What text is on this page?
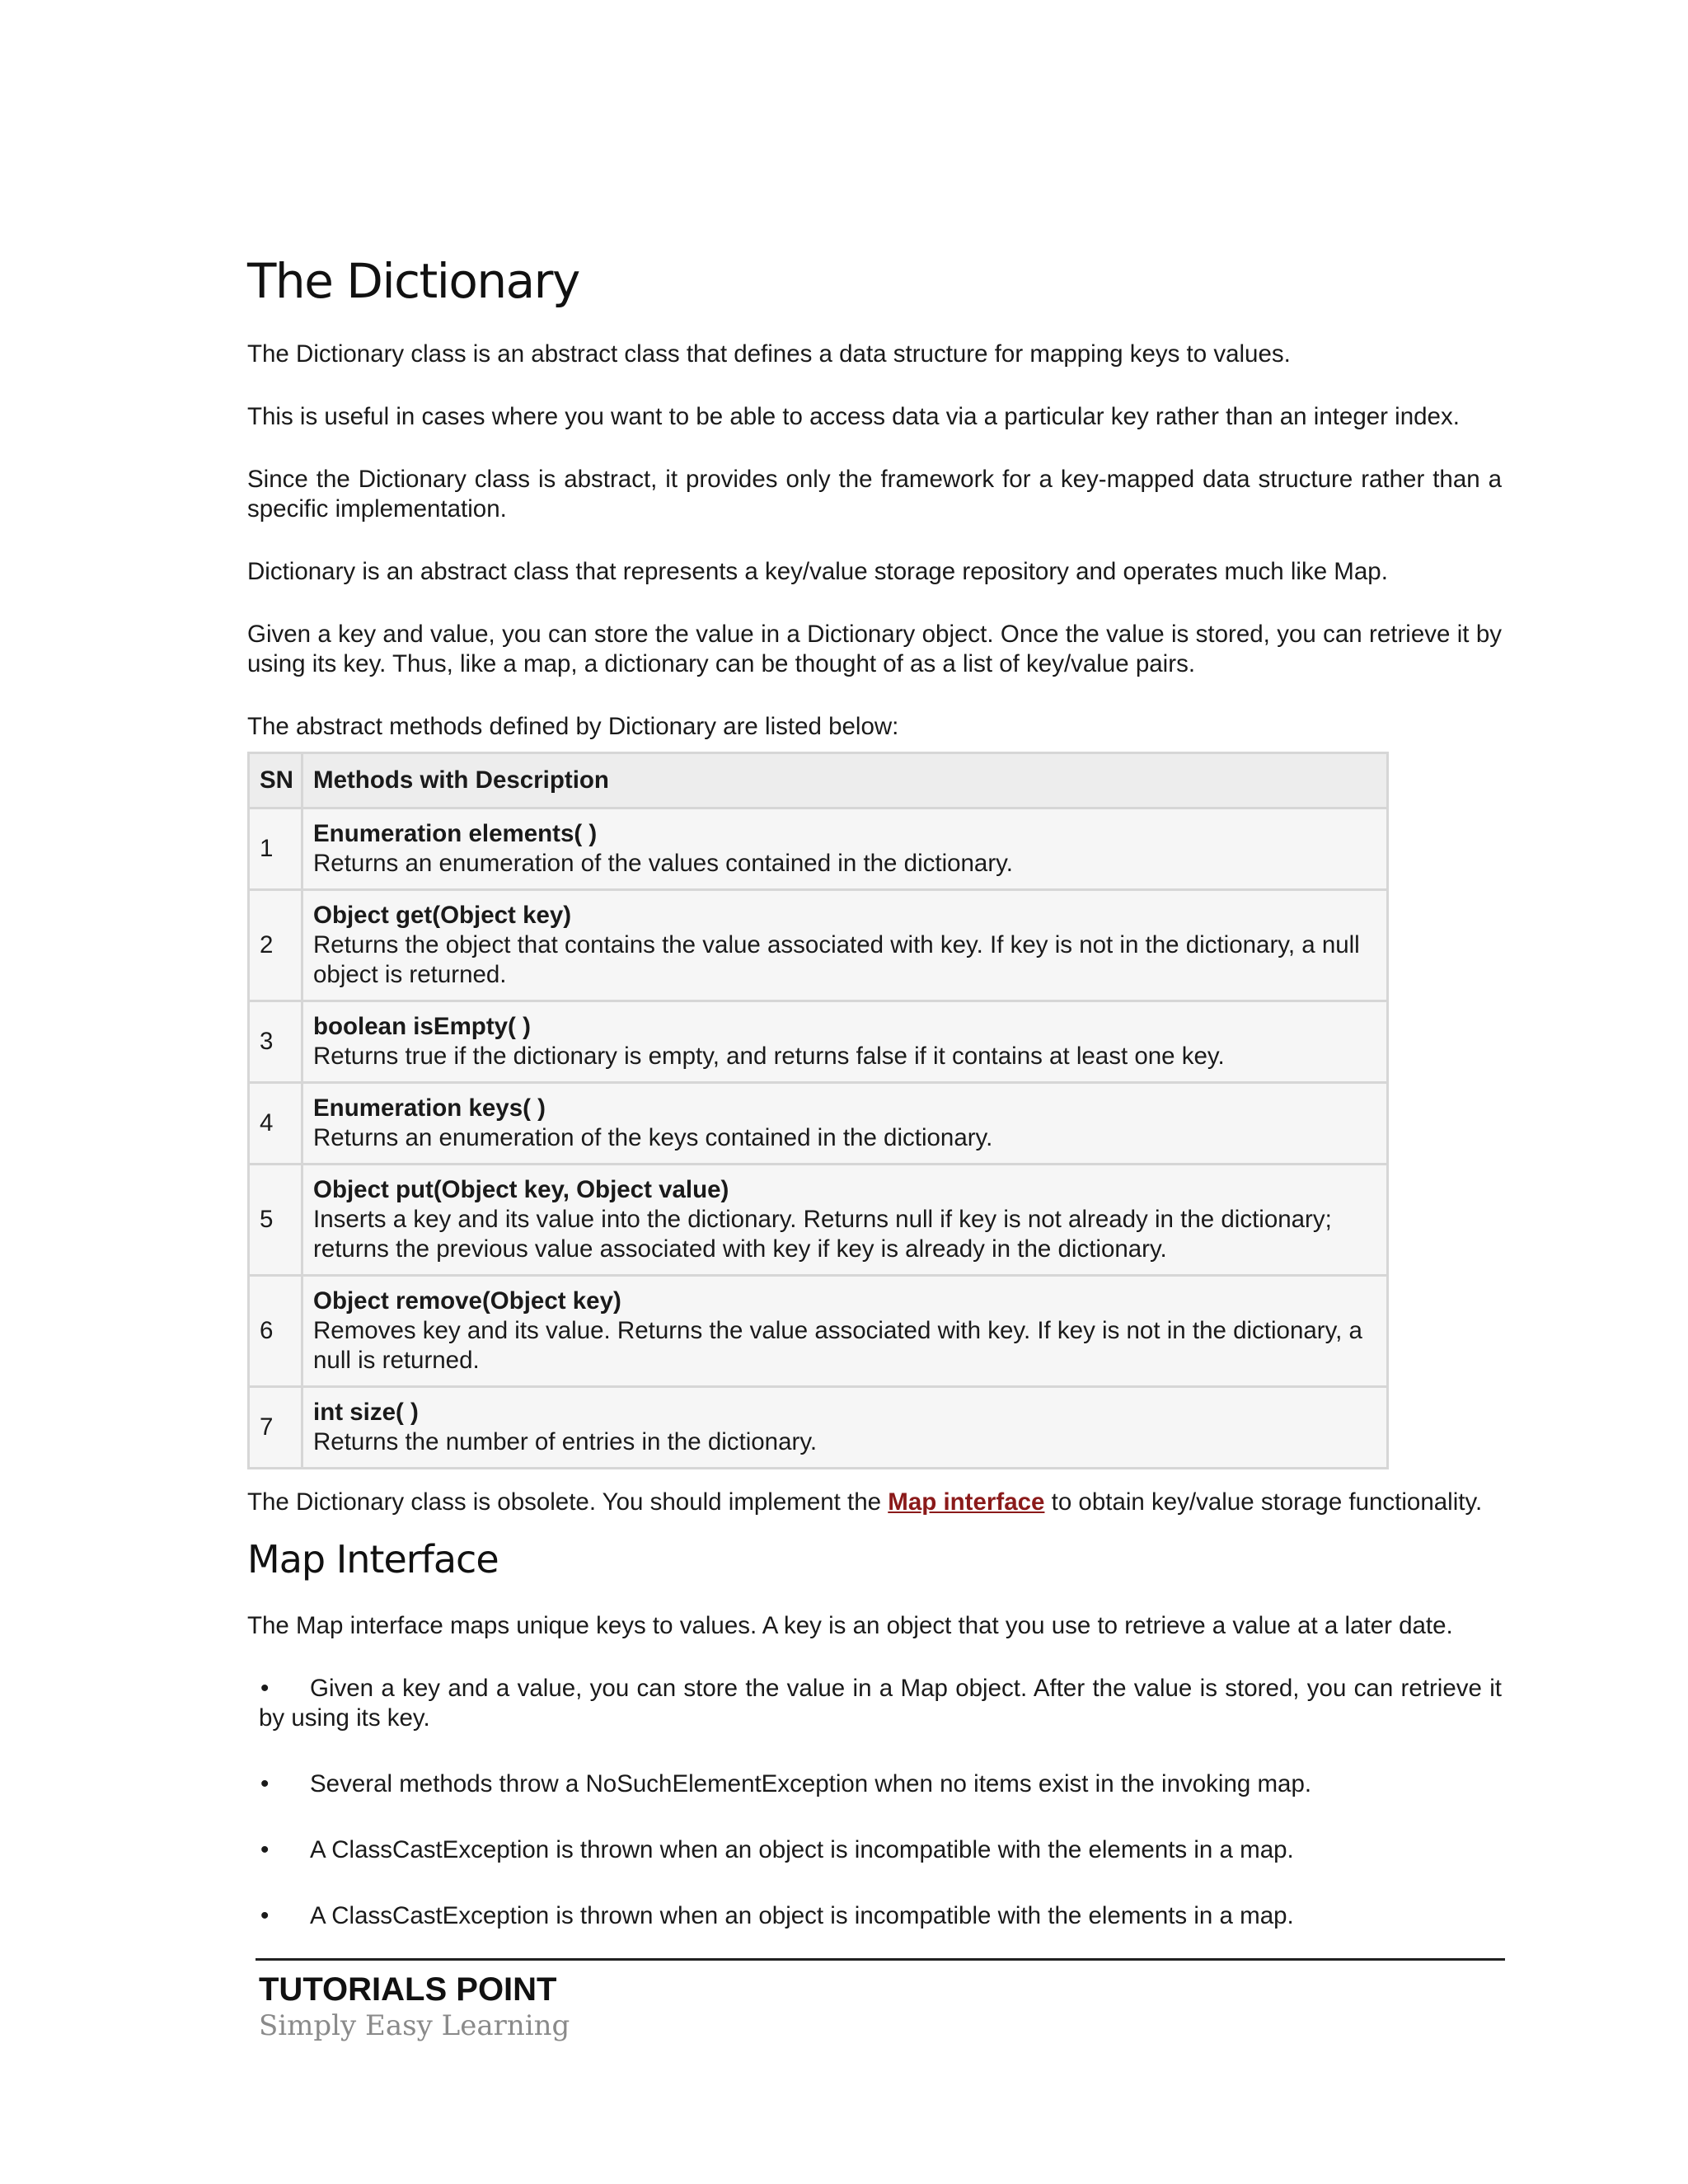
The Dictionary

The Dictionary class is an abstract class that defines a data structure for mapping keys to values.

This is useful in cases where you want to be able to access data via a particular key rather than an integer index.

Since the Dictionary class is abstract, it provides only the framework for a key-mapped data structure rather than a specific implementation.

Dictionary is an abstract class that represents a key/value storage repository and operates much like Map.

Given a key and value, you can store the value in a Dictionary object. Once the value is stored, you can retrieve it by using its key. Thus, like a map, a dictionary can be thought of as a list of key/value pairs.

The abstract methods defined by Dictionary are listed below:

SN	Methods with Description
1	Enumeration elements( )
Returns an enumeration of the values contained in the dictionary.

2	Object get(Object key)
Returns the object that contains the value associated with key. If key is not in the dictionary, a null object is returned.

3	boolean isEmpty( )
Returns true if the dictionary is empty, and returns false if it contains at least one key.

4	Enumeration keys( )
Returns an enumeration of the keys contained in the dictionary.

5	Object put(Object key, Object value)
Inserts a key and its value into the dictionary. Returns null if key is not already in the dictionary; returns the previous value associated with key if key is already in the dictionary.

6	Object remove(Object key)
Removes key and its value. Returns the value associated with key. If key is not in the dictionary, a null is returned.

7	int size( )
Returns the number of entries in the dictionary.

The Dictionary class is obsolete. You should implement the Map interface to obtain key/value storage functionality.

Map Interface

The Map interface maps unique keys to values. A key is an object that you use to retrieve a value at a later date.

• Given a key and a value, you can store the value in a Map object. After the value is stored, you can retrieve it by using its key.
• Several methods throw a NoSuchElementException when no items exist in the invoking map.
• A ClassCastException is thrown when an object is incompatible with the elements in a map.
• A ClassCastException is thrown when an object is incompatible with the elements in a map.
TUTORIALS POINT
Simply Easy Learning
